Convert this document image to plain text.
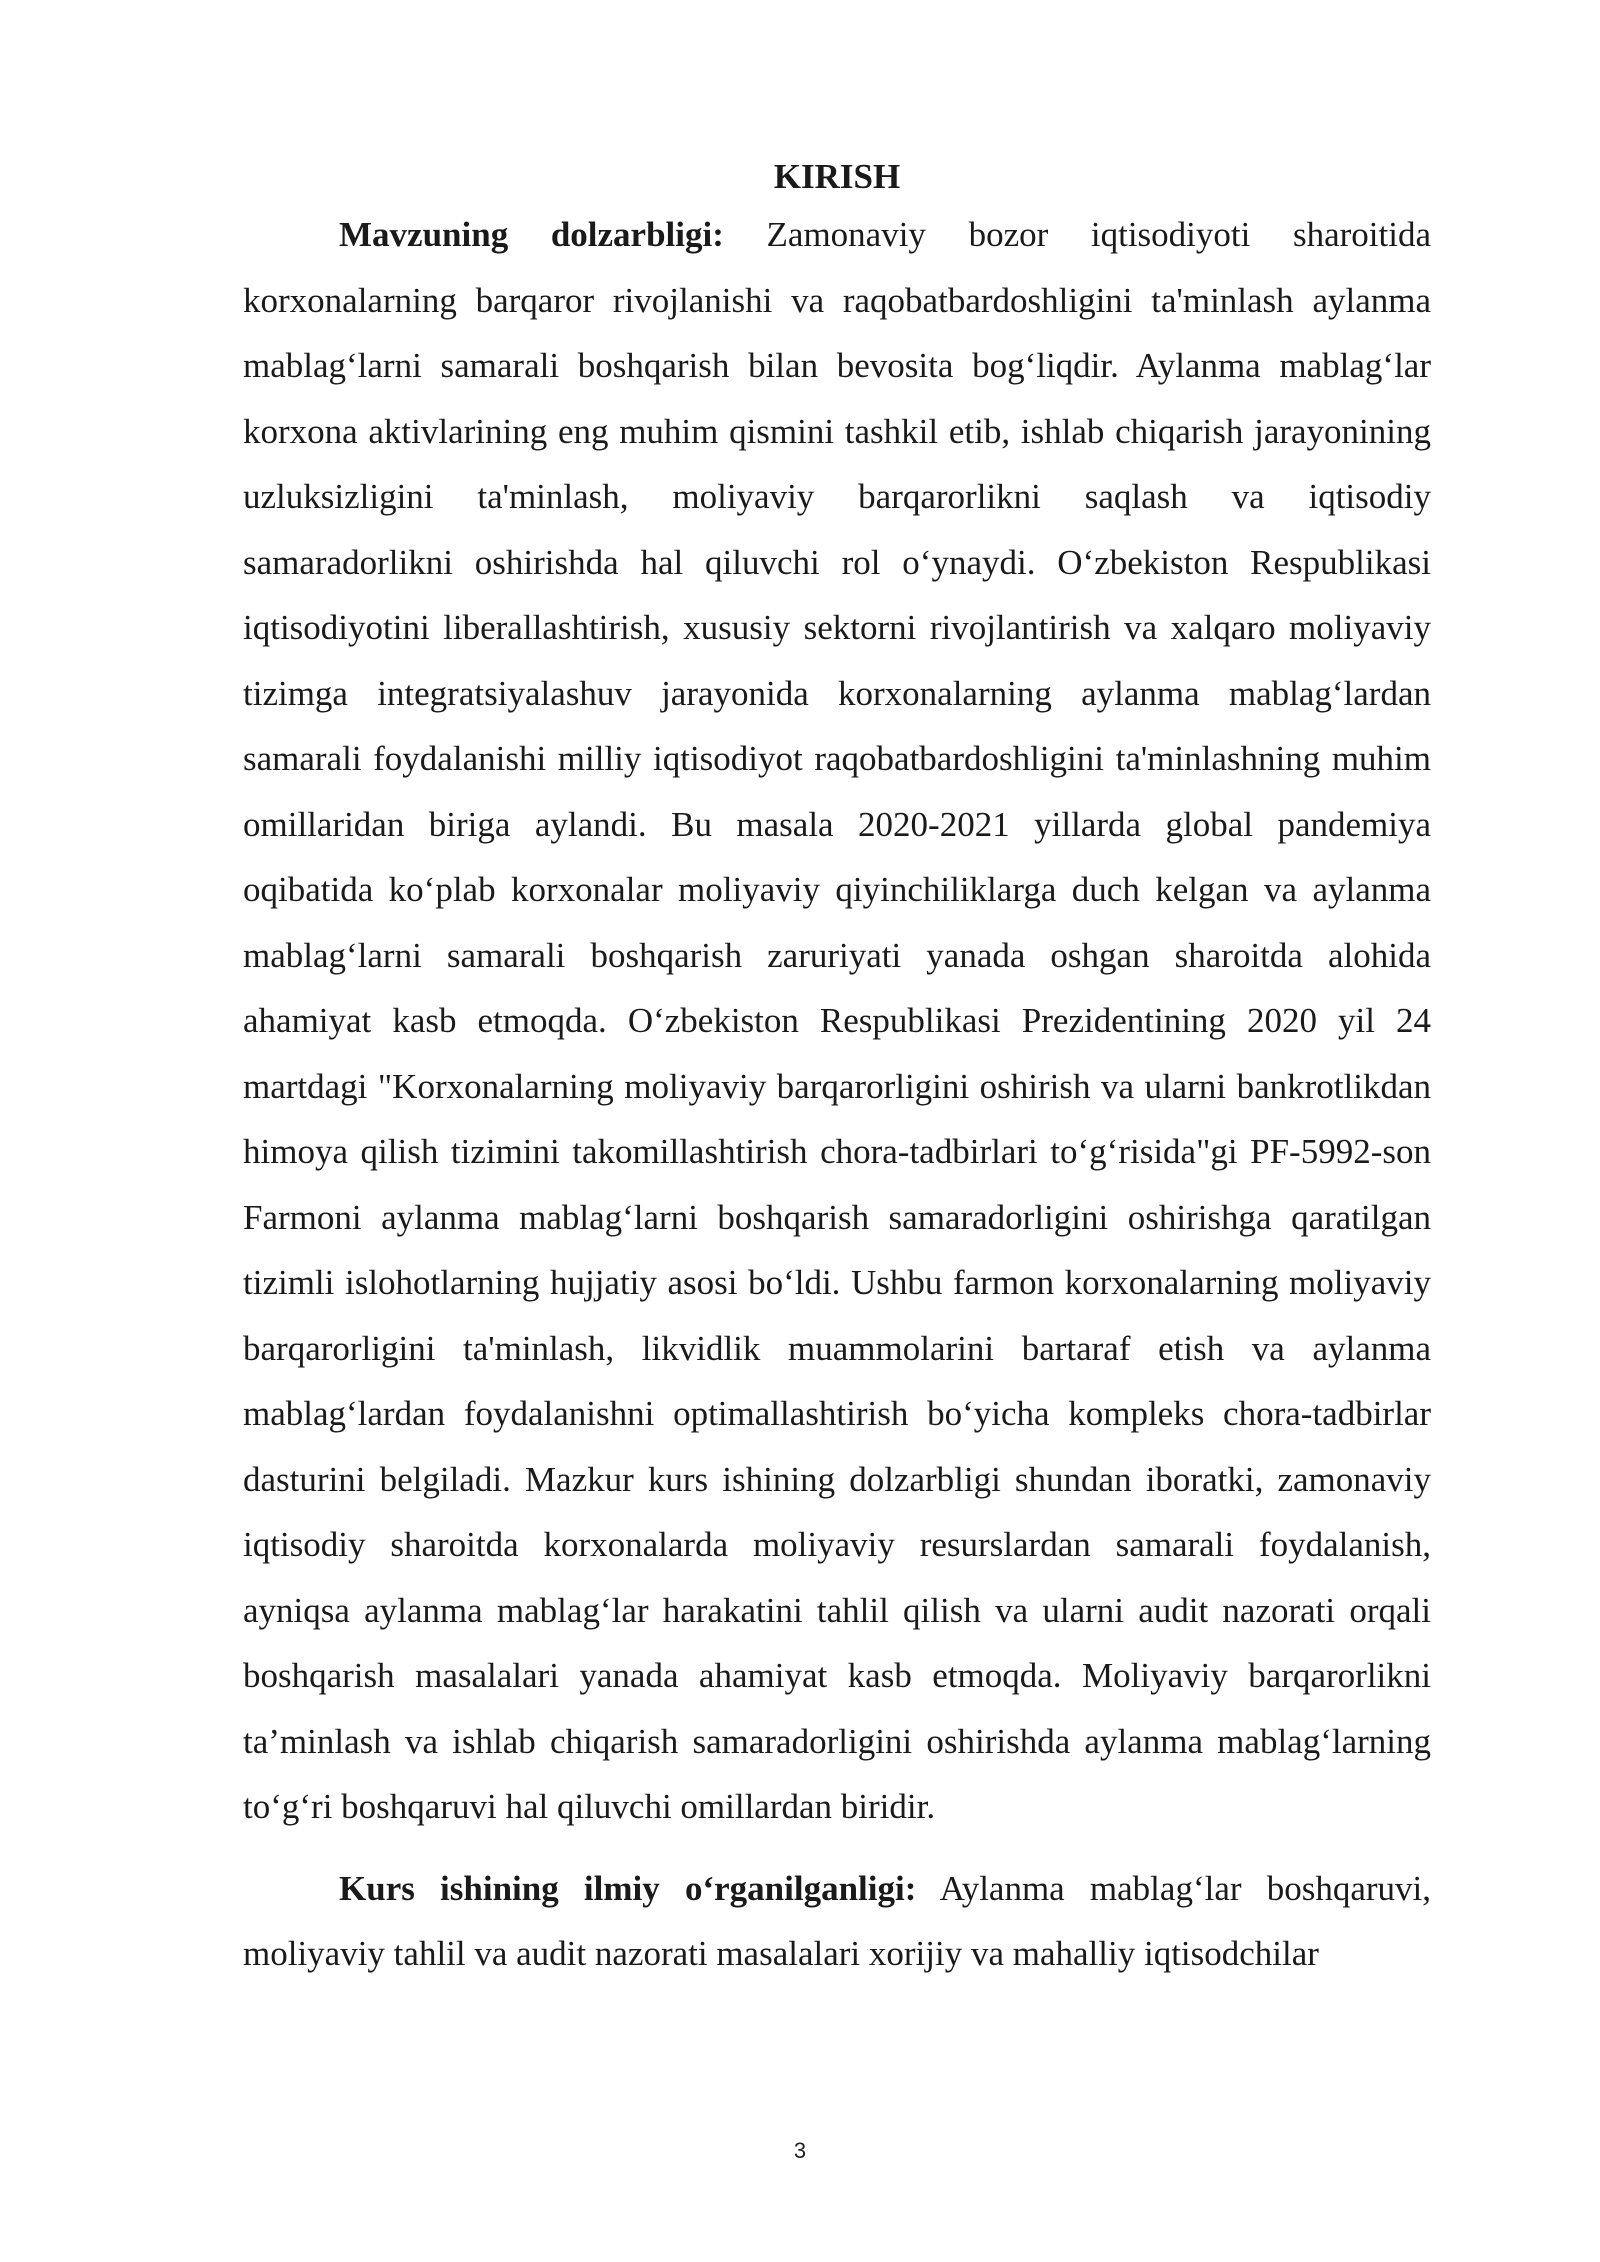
KIRISH

Mavzuning dolzarbligi: Zamonaviy bozor iqtisodiyoti sharoitida korxonalarning barqaror rivojlanishi va raqobatbardoshligini ta'minlash aylanma mablag‘larni samarali boshqarish bilan bevosita bog‘liqdir. Aylanma mablag‘lar korxona aktivlarining eng muhim qismini tashkil etib, ishlab chiqarish jarayonining uzluksizligini ta'minlash, moliyaviy barqarorlikni saqlash va iqtisodiy samaradorlikni oshirishda hal qiluvchi rol o‘ynaydi. O‘zbekiston Respublikasi iqtisodiyotini liberallashtirish, xususiy sektorni rivojlantirish va xalqaro moliyaviy tizimga integratsiyalashuv jarayonida korxonalarning aylanma mablag‘lardan samarali foydalanishi milliy iqtisodiyot raqobatbardoshligini ta'minlashning muhim omillaridan biriga aylandi. Bu masala 2020-2021 yillarda global pandemiya oqibatida ko‘plab korxonalar moliyaviy qiyinchiliklarga duch kelgan va aylanma mablag‘larni samarali boshqarish zaruriyati yanada oshgan sharoitda alohida ahamiyat kasb etmoqda. O‘zbekiston Respublikasi Prezidentining 2020 yil 24 martdagi "Korxonalarning moliyaviy barqarorligini oshirish va ularni bankrotlikdan himoya qilish tizimini takomillashtirish chora-tadbirlari to‘g‘risida"gi PF-5992-son Farmoni aylanma mablag‘larni boshqarish samaradorligini oshirishga qaratilgan tizimli islohotlarning hujjatiy asosi bo‘ldi. Ushbu farmon korxonalarning moliyaviy barqarorligini ta'minlash, likvidlik muammolarini bartaraf etish va aylanma mablag‘lardan foydalanishni optimallashtirish bo‘yicha kompleks chora-tadbirlar dasturini belgiladi. Mazkur kurs ishining dolzarbligi shundan iboratki, zamonaviy iqtisodiy sharoitda korxonalarda moliyaviy resurslardan samarali foydalanish, ayniqsa aylanma mablag‘lar harakatini tahlil qilish va ularni audit nazorati orqali boshqarish masalalari yanada ahamiyat kasb etmoqda. Moliyaviy barqarorlikni ta’minlash va ishlab chiqarish samaradorligini oshirishda aylanma mablag‘larning to‘g‘ri boshqaruvi hal qiluvchi omillardan biridir.

Kurs ishining ilmiy o‘rganilganligi: Aylanma mablag‘lar boshqaruvi, moliyaviy tahlil va audit nazorati masalalari xorijiy va mahalliy iqtisodchilar

3
